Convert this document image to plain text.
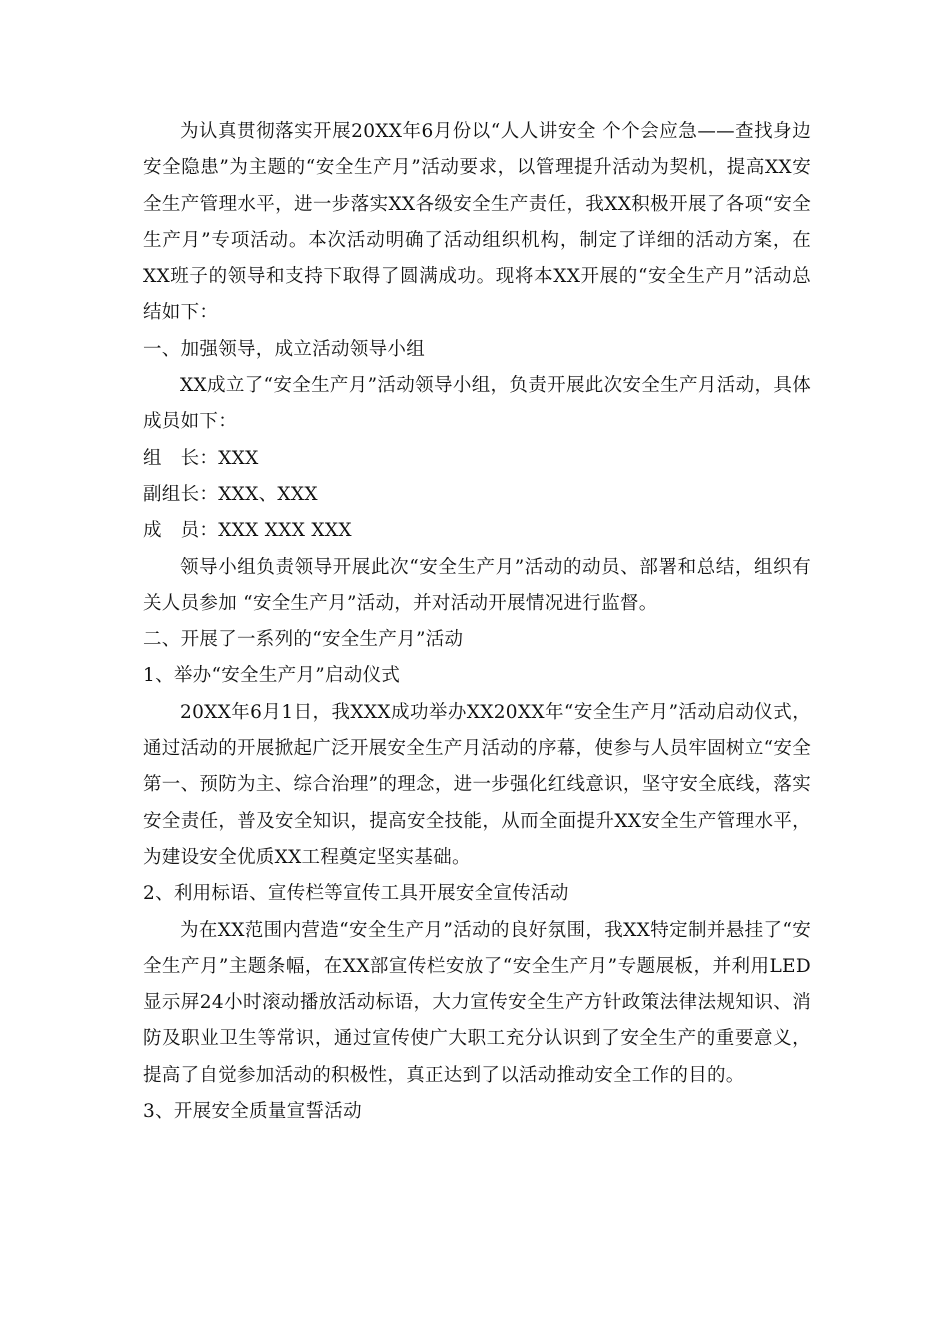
为认真贯彻落实开展20XX年6月份以“人人讲安全 个个会应急——查找身边安全隐患”为主题的“安全生产月”活动要求，以管理提升活动为契机，提高XX安全生产管理水平，进一步落实XX各级安全生产责任，我XX积极开展了各项“安全生产月”专项活动。本次活动明确了活动组织机构，制定了详细的活动方案，在XX班子的领导和支持下取得了圆满成功。现将本XX开展的“安全生产月”活动总结如下：

一、加强领导，成立活动领导小组

XX成立了“安全生产月”活动领导小组，负责开展此次安全生产月活动，具体成员如下：

组　长：XXX

副组长：XXX、XXX

成　员：XXX XXX XXX

领导小组负责领导开展此次“安全生产月”活动的动员、部署和总结，组织有关人员参加 “安全生产月”活动，并对活动开展情况进行监督。

二、开展了一系列的“安全生产月”活动

1、举办“安全生产月”启动仪式

20XX年6月1日，我XXX成功举办XX20XX年“安全生产月”活动启动仪式，通过活动的开展掀起广泛开展安全生产月活动的序幕，使参与人员牢固树立“安全第一、预防为主、综合治理”的理念，进一步强化红线意识，坚守安全底线，落实安全责任，普及安全知识，提高安全技能，从而全面提升XX安全生产管理水平，为建设安全优质XX工程奠定坚实基础。

2、利用标语、宣传栏等宣传工具开展安全宣传活动

为在XX范围内营造“安全生产月”活动的良好氛围，我XX特定制并悬挂了“安全生产月”主题条幅，在XX部宣传栏安放了“安全生产月”专题展板，并利用LED显示屏24小时滚动播放活动标语，大力宣传安全生产方针政策法律法规知识、消防及职业卫生等常识，通过宣传使广大职工充分认识到了安全生产的重要意义，提高了自觉参加活动的积极性，真正达到了以活动推动安全工作的目的。

3、开展安全质量宣誓活动
